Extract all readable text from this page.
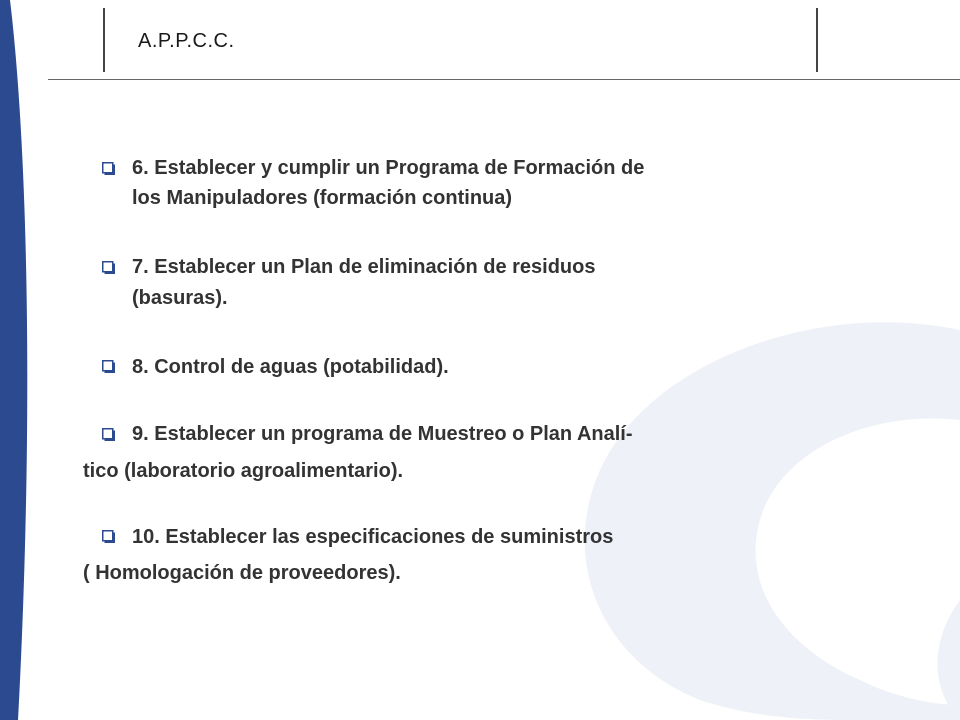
A.P.P.C.C.
6. Establecer y cumplir un Programa de Formación de
los Manipuladores (formación continua)
7. Establecer un Plan de eliminación de residuos
(basuras).
8. Control de aguas (potabilidad).
9. Establecer un programa de Muestreo o Plan Analí-
tico (laboratorio agroalimentario).
10. Establecer las especificaciones de suministros
( Homologación de proveedores).
